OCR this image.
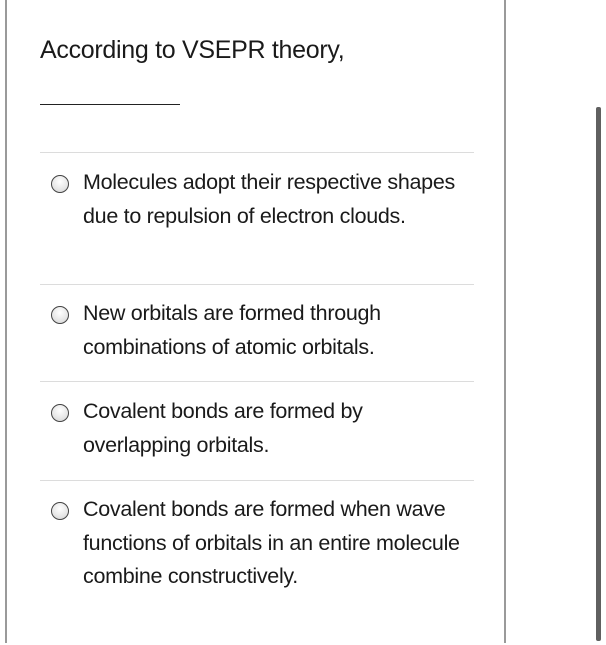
According to VSEPR theory,
Molecules adopt their respective shapes due to repulsion of electron clouds.
New orbitals are formed through combinations of atomic orbitals.
Covalent bonds are formed by overlapping orbitals.
Covalent bonds are formed when wave functions of orbitals in an entire molecule combine constructively.
